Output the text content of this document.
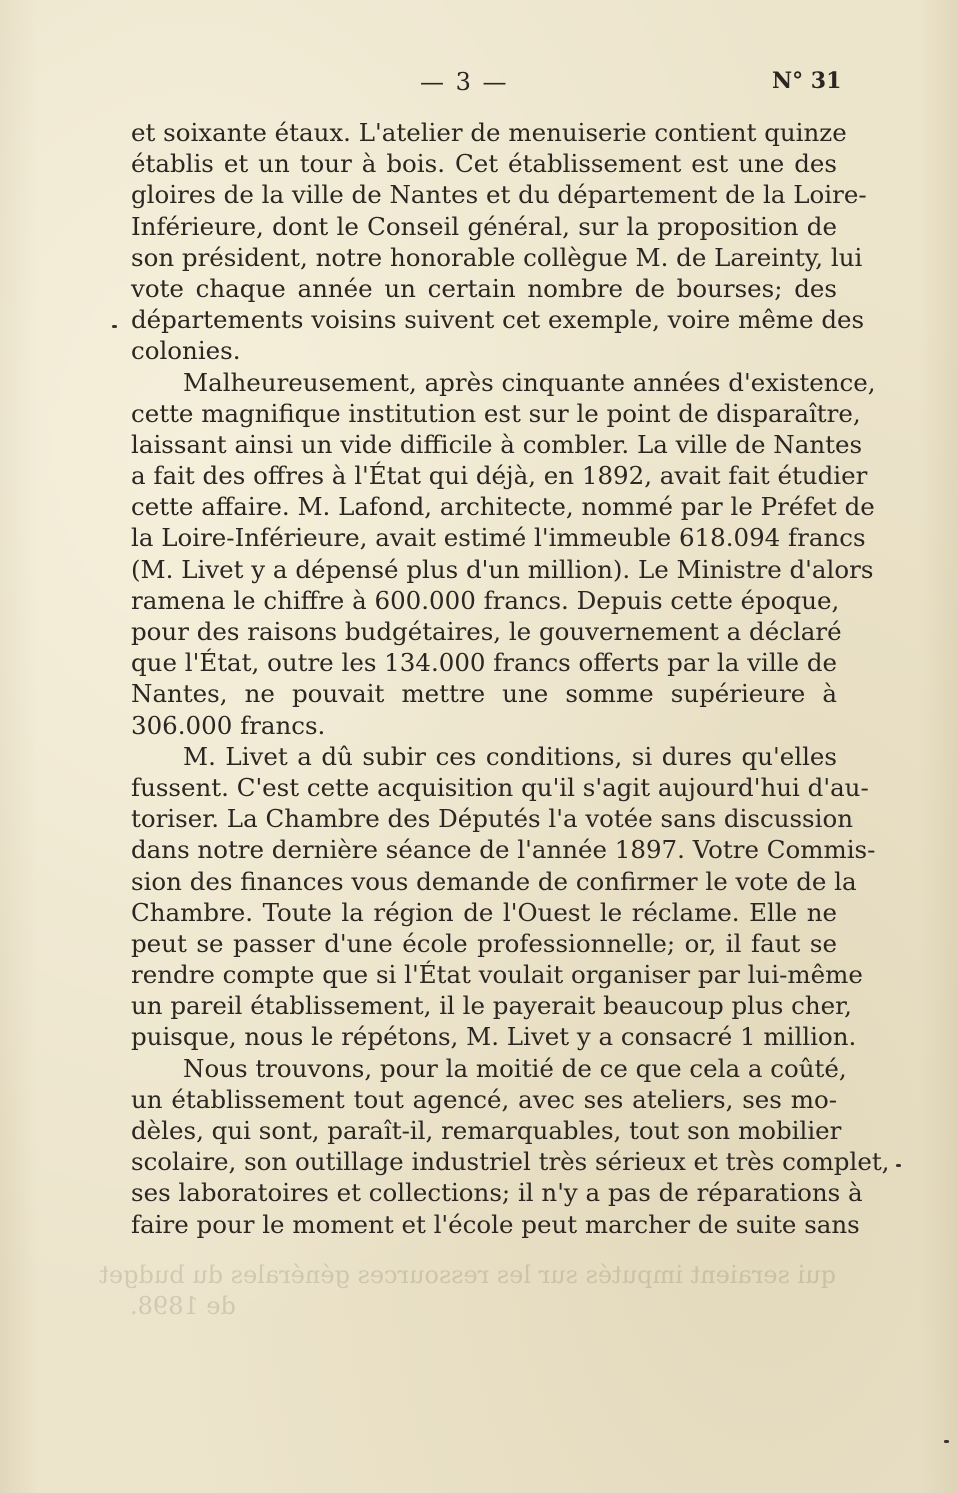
— 3 —	N° 31

et soixante étaux. L'atelier de menuiserie contient quinze
établis et un tour à bois. Cet établissement est une des
gloires de la ville de Nantes et du département de la Loire-
Inférieure, dont le Conseil général, sur la proposition de
son président, notre honorable collègue M. de Lareinty, lui
vote chaque année un certain nombre de bourses; des
départements voisins suivent cet exemple, voire même des
colonies.

Malheureusement, après cinquante années d'existence,
cette magnifique institution est sur le point de disparaître,
laissant ainsi un vide difficile à combler. La ville de Nantes
a fait des offres à l'État qui déjà, en 1892, avait fait étudier
cette affaire. M. Lafond, architecte, nommé par le Préfet de
la Loire-Inférieure, avait estimé l'immeuble 618.094 francs
(M. Livet y a dépensé plus d'un million). Le Ministre d'alors
ramena le chiffre à 600.000 francs. Depuis cette époque,
pour des raisons budgétaires, le gouvernement a déclaré
que l'État, outre les 134.000 francs offerts par la ville de
Nantes, ne pouvait mettre une somme supérieure à
306.000 francs.

M. Livet a dû subir ces conditions, si dures qu'elles
fussent. C'est cette acquisition qu'il s'agit aujourd'hui d'au-
toriser. La Chambre des Députés l'a votée sans discussion
dans notre dernière séance de l'année 1897. Votre Commis-
sion des finances vous demande de confirmer le vote de la
Chambre. Toute la région de l'Ouest le réclame. Elle ne
peut se passer d'une école professionnelle; or, il faut se
rendre compte que si l'État voulait organiser par lui-même
un pareil établissement, il le payerait beaucoup plus cher,
puisque, nous le répétons, M. Livet y a consacré 1 million.

Nous trouvons, pour la moitié de ce que cela a coûté,
un établissement tout agencé, avec ses ateliers, ses mo-
dèles, qui sont, paraît-il, remarquables, tout son mobilier
scolaire, son outillage industriel très sérieux et très complet,
ses laboratoires et collections; il n'y a pas de réparations à
faire pour le moment et l'école peut marcher de suite sans

qui seraient imputés sur les ressources générales du budget
de 1898.
